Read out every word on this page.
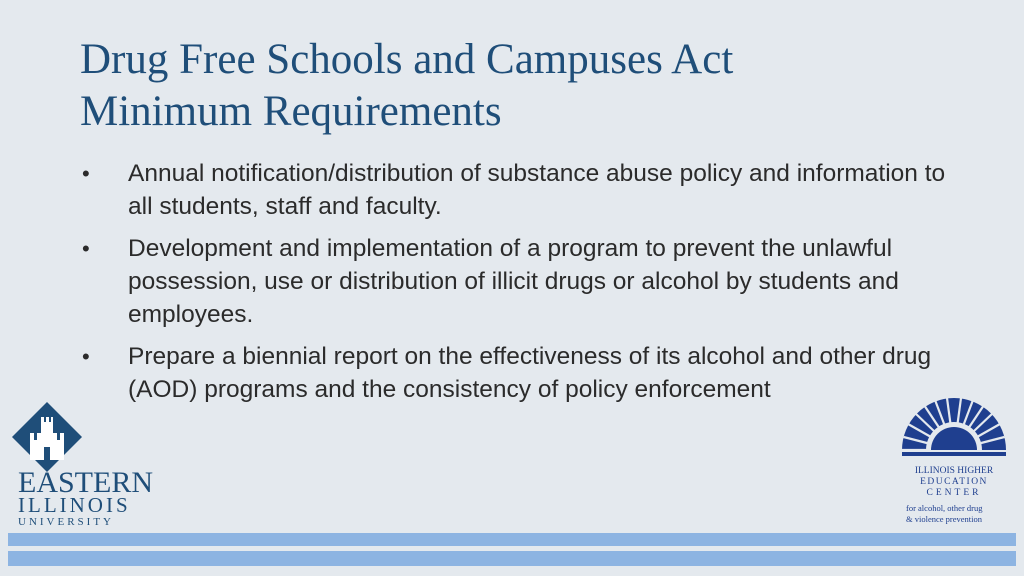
Drug Free Schools and Campuses Act
Minimum Requirements
•	Annual notification/distribution of substance abuse policy and information to all students, staff and faculty.
•	Development and implementation of a program to prevent the unlawful possession, use or distribution of illicit drugs or alcohol by students and employees.
•	Prepare a biennial report on the effectiveness of its alcohol and other drug (AOD) programs and the consistency of policy enforcement
EASTERN
ILLINOIS
UNIVERSITY
ILLINOIS HIGHER
EDUCATION
CENTER
for alcohol, other drug
& violence prevention
